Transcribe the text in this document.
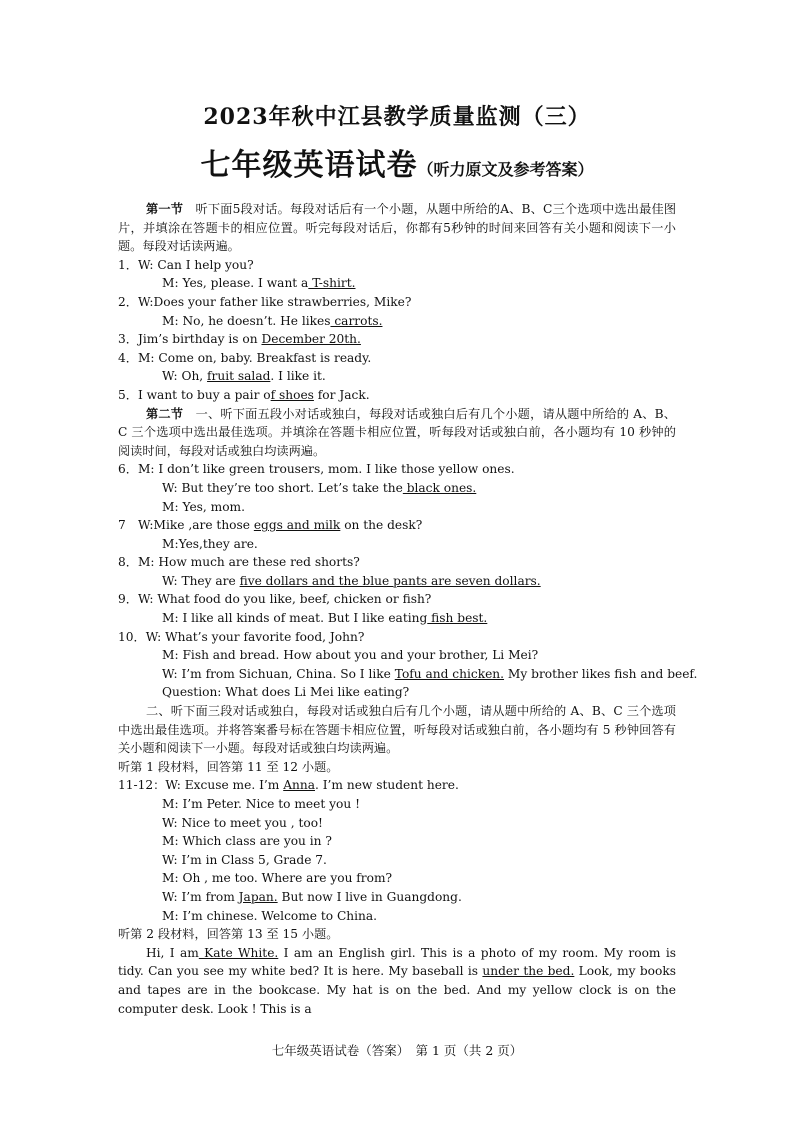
2023年秋中江县教学质量监测（三）
七年级英语试卷（听力原文及参考答案）
第一节　 听下面5段对话。每段对话后有一个小题，从题中所给的A、B、C三个选项中选出最佳图片，并填涂在答题卡的相应位置。听完每段对话后，你都有5秒钟的时间来回答有关小题和阅读下一小题。每段对话读两遍。
1．W: Can I help you?
M: Yes, please. I want a T-shirt.
2．W:Does your father like strawberries, Mike?
M: No, he doesn’t. He likes carrots.
3．Jim’s birthday is on December 20th.
4．M: Come on, baby. Breakfast is ready.
W: Oh, fruit salad. I like it.
5．I want to buy a pair of shoes for Jack.
第二节　 一、听下面五段小对话或独白，每段对话或独白后有几个小题，请从题中所给的 A、B、C 三个选项中选出最佳选项。并填涂在答题卡相应位置，听每段对话或独白前，各小题均有 10 秒钟的阅读时间，每段对话或独白均读两遍。
6．M: I don’t like green trousers, mom. I like those yellow ones.
W: But they’re too short. Let’s take the black ones.
M: Yes, mom.
7　W:Mike ,are those eggs and milk on the desk?
M:Yes,they are.
8．M: How much are these red shorts?
W: They are five dollars and the blue pants are seven dollars.
9．W: What food do you like, beef, chicken or fish?
M: I like all kinds of meat. But I like eating fish best.
10．W: What’s your favorite food, John?
M: Fish and bread. How about you and your brother, Li Mei?
W: I’m from Sichuan, China. So I like Tofu and chicken. My brother likes fish and beef.
Question: What does Li Mei like eating?
二、听下面三段对话或独白，每段对话或独白后有几个小题，请从题中所给的 A、B、C 三个选项中选出最佳选项。并将答案番号标在答题卡相应位置，听每段对话或独白前，各小题均有 5 秒钟回答有关小题和阅读下一小题。每段对话或独白均读两遍。
听第 1 段材料，回答第 11 至 12 小题。
11-12：W: Excuse me. I’m Anna. I’m new student here.
M: I’m Peter. Nice to meet you !
W: Nice to meet you , too!
M: Which class are you in ?
W: I’m in Class 5, Grade 7.
M: Oh , me too. Where are you from?
W: I’m from Japan. But now I live in Guangdong.
M: I’m chinese. Welcome to China.
听第 2 段材料，回答第 13 至 15 小题。
Hi, I am Kate White. I am an English girl. This is a photo of my room. My room is tidy. Can you see my white bed? It is here. My baseball is under the bed. Look, my books and tapes are in the bookcase. My hat is on the bed. And my yellow clock is on the computer desk. Look ! This is a
七年级英语试卷（答案）　第 1 页（共 2 页）
